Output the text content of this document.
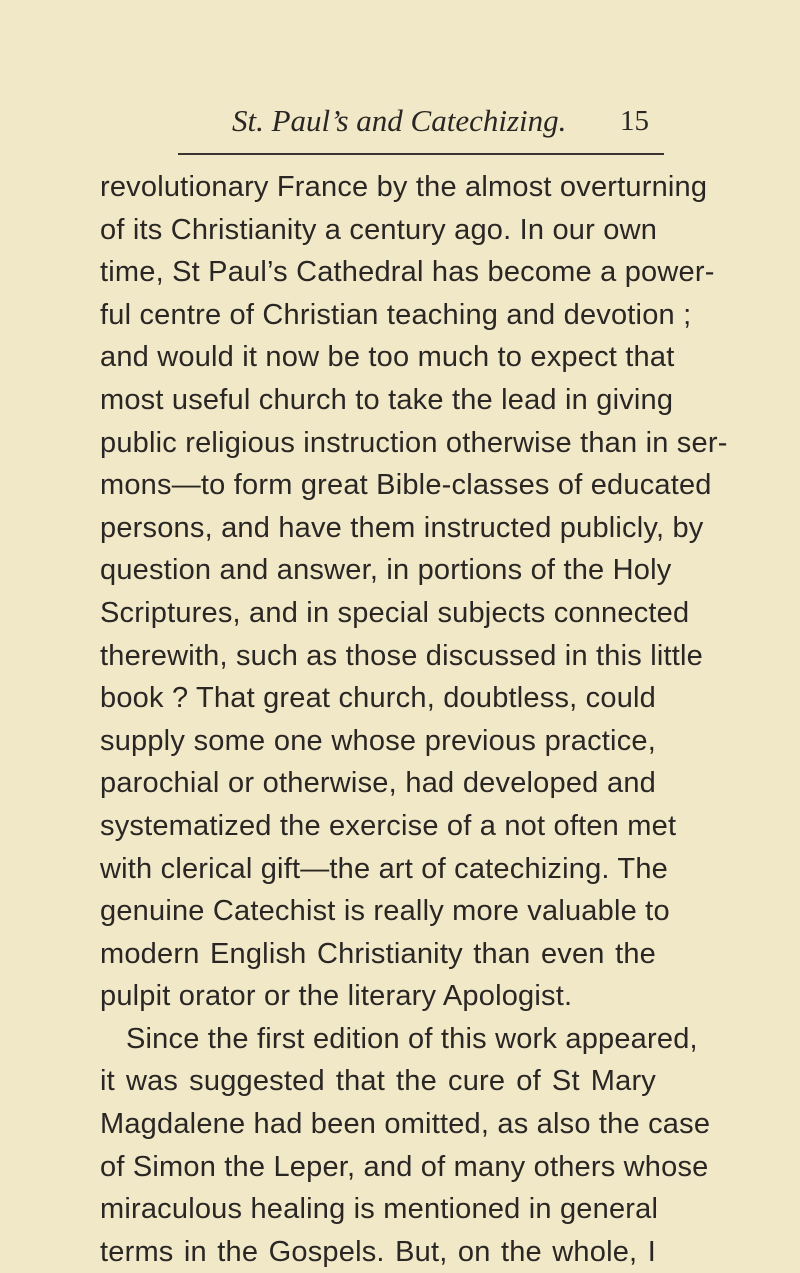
St. Paul’s and Catechizing. 15
revolutionary France by the almost overturning
of its Christianity a century ago. In our own
time, St Paul’s Cathedral has become a power-
ful centre of Christian teaching and devotion ;
and would it now be too much to expect that
most useful church to take the lead in giving
public religious instruction otherwise than in ser-
mons—to form great Bible-classes of educated
persons, and have them instructed publicly, by
question and answer, in portions of the Holy
Scriptures, and in special subjects connected
therewith, such as those discussed in this little
book ? That great church, doubtless, could
supply some one whose previous practice,
parochial or otherwise, had developed and
systematized the exercise of a not often met
with clerical gift—the art of catechizing. The
genuine Catechist is really more valuable to
modern English Christianity than even the
pulpit orator or the literary Apologist.
Since the first edition of this work appeared,
it was suggested that the cure of St Mary
Magdalene had been omitted, as also the case
of Simon the Leper, and of many others whose
miraculous healing is mentioned in general
terms in the Gospels. But, on the whole, I
